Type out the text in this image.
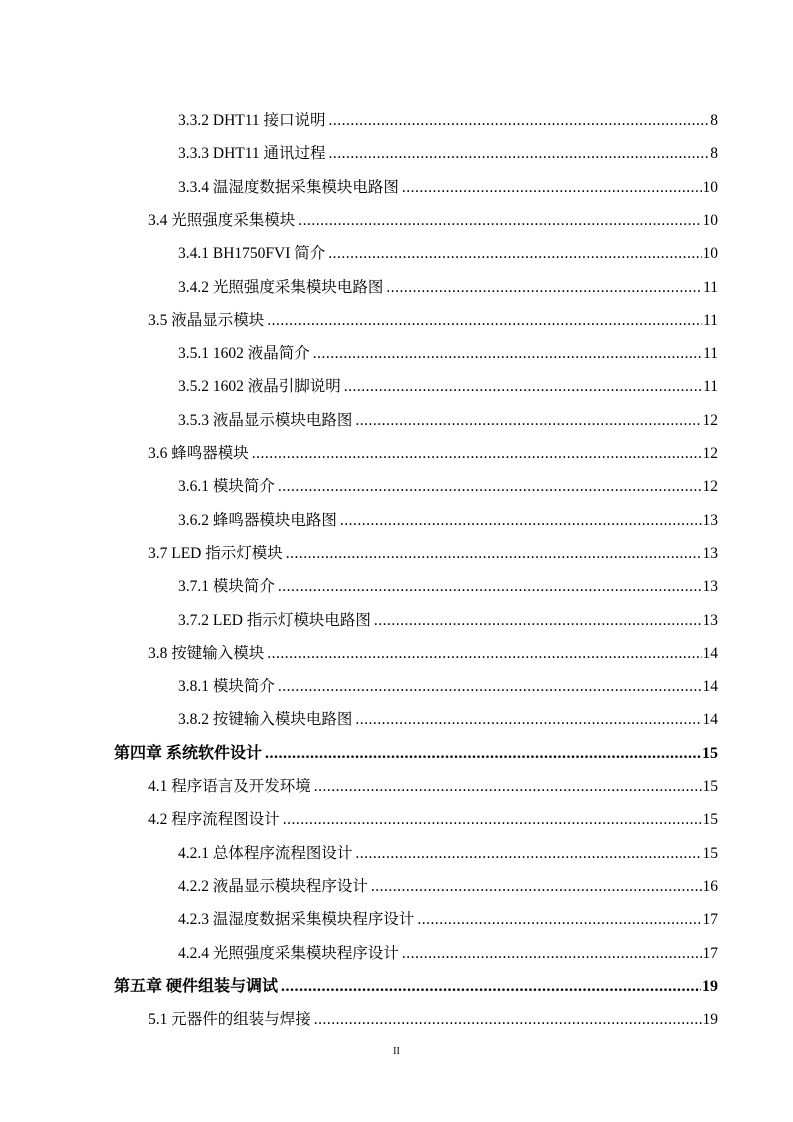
3.3.2 DHT11 接口说明 .....	8
3.3.3 DHT11 通讯过程 .....	8
3.3.4 温湿度数据采集模块电路图 .....	10
3.4 光照强度采集模块 .....	10
3.4.1 BH1750FVI 简介 .....	10
3.4.2 光照强度采集模块电路图 .....	11
3.5 液晶显示模块 .....	11
3.5.1 1602 液晶简介 .....	11
3.5.2 1602 液晶引脚说明 .....	11
3.5.3 液晶显示模块电路图 .....	12
3.6 蜂鸣器模块 .....	12
3.6.1 模块简介 .....	12
3.6.2 蜂鸣器模块电路图 .....	13
3.7 LED 指示灯模块 .....	13
3.7.1 模块简介 .....	13
3.7.2 LED 指示灯模块电路图 .....	13
3.8 按键输入模块 .....	14
3.8.1 模块简介 .....	14
3.8.2 按键输入模块电路图 .....	14
第四章 系统软件设计 .....	15
4.1 程序语言及开发环境 .....	15
4.2 程序流程图设计 .....	15
4.2.1 总体程序流程图设计 .....	15
4.2.2 液晶显示模块程序设计 .....	16
4.2.3 温湿度数据采集模块程序设计 .....	17
4.2.4 光照强度采集模块程序设计 .....	17
第五章 硬件组装与调试 .....	19
5.1 元器件的组装与焊接 .....	19
II
